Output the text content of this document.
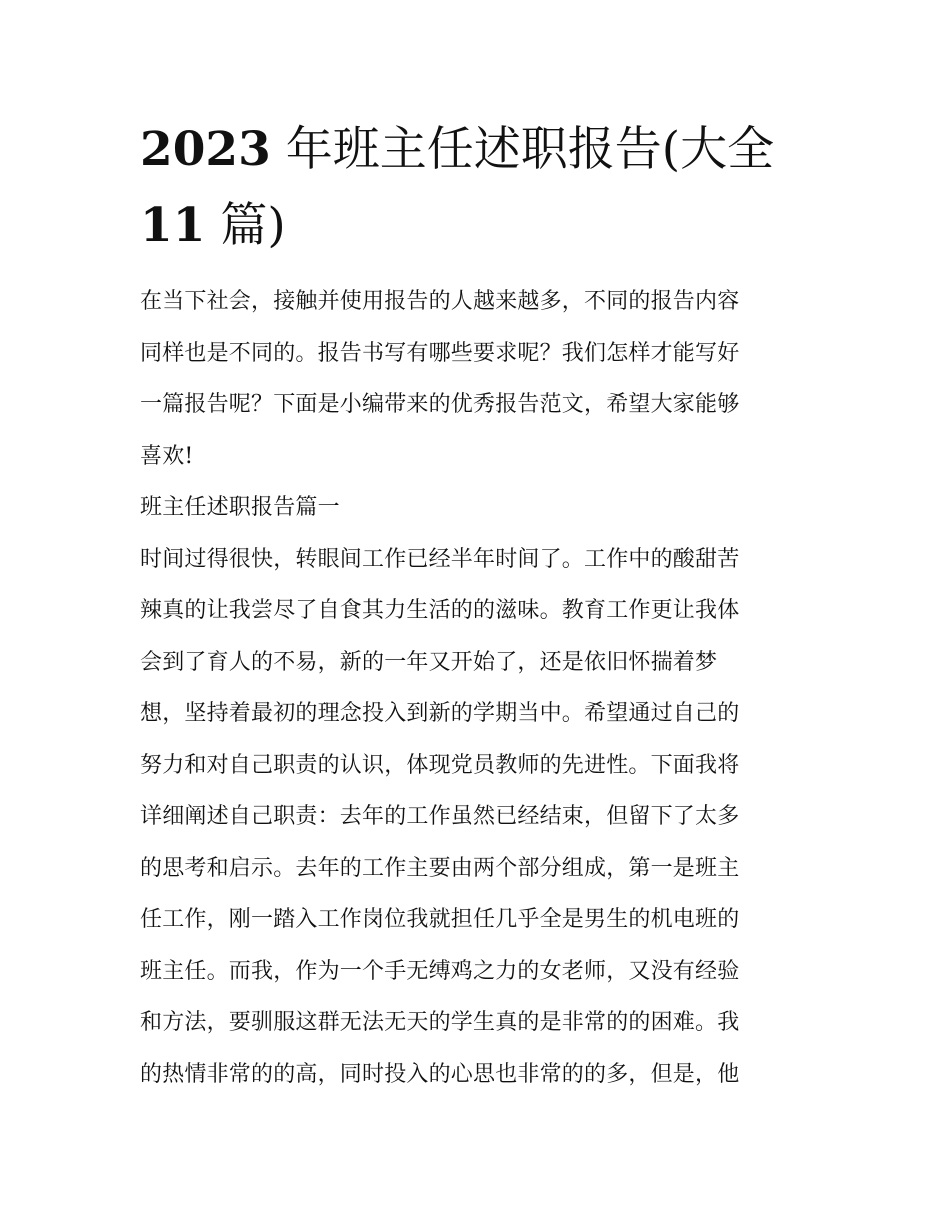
2023 年班主任述职报告(大全
11 篇)
在当下社会，接触并使用报告的人越来越多，不同的报告内容
同样也是不同的。报告书写有哪些要求呢？我们怎样才能写好
一篇报告呢？下面是小编带来的优秀报告范文，希望大家能够
喜欢!
班主任述职报告篇一
时间过得很快，转眼间工作已经半年时间了。工作中的酸甜苦
辣真的让我尝尽了自食其力生活的的滋味。教育工作更让我体
会到了育人的不易，新的一年又开始了，还是依旧怀揣着梦
想，坚持着最初的理念投入到新的学期当中。希望通过自己的
努力和对自己职责的认识，体现党员教师的先进性。下面我将
详细阐述自己职责：去年的工作虽然已经结束，但留下了太多
的思考和启示。去年的工作主要由两个部分组成，第一是班主
任工作，刚一踏入工作岗位我就担任几乎全是男生的机电班的
班主任。而我，作为一个手无缚鸡之力的女老师，又没有经验
和方法，要驯服这群无法无天的学生真的是非常的的困难。我
的热情非常的的高，同时投入的心思也非常的的多，但是，他
